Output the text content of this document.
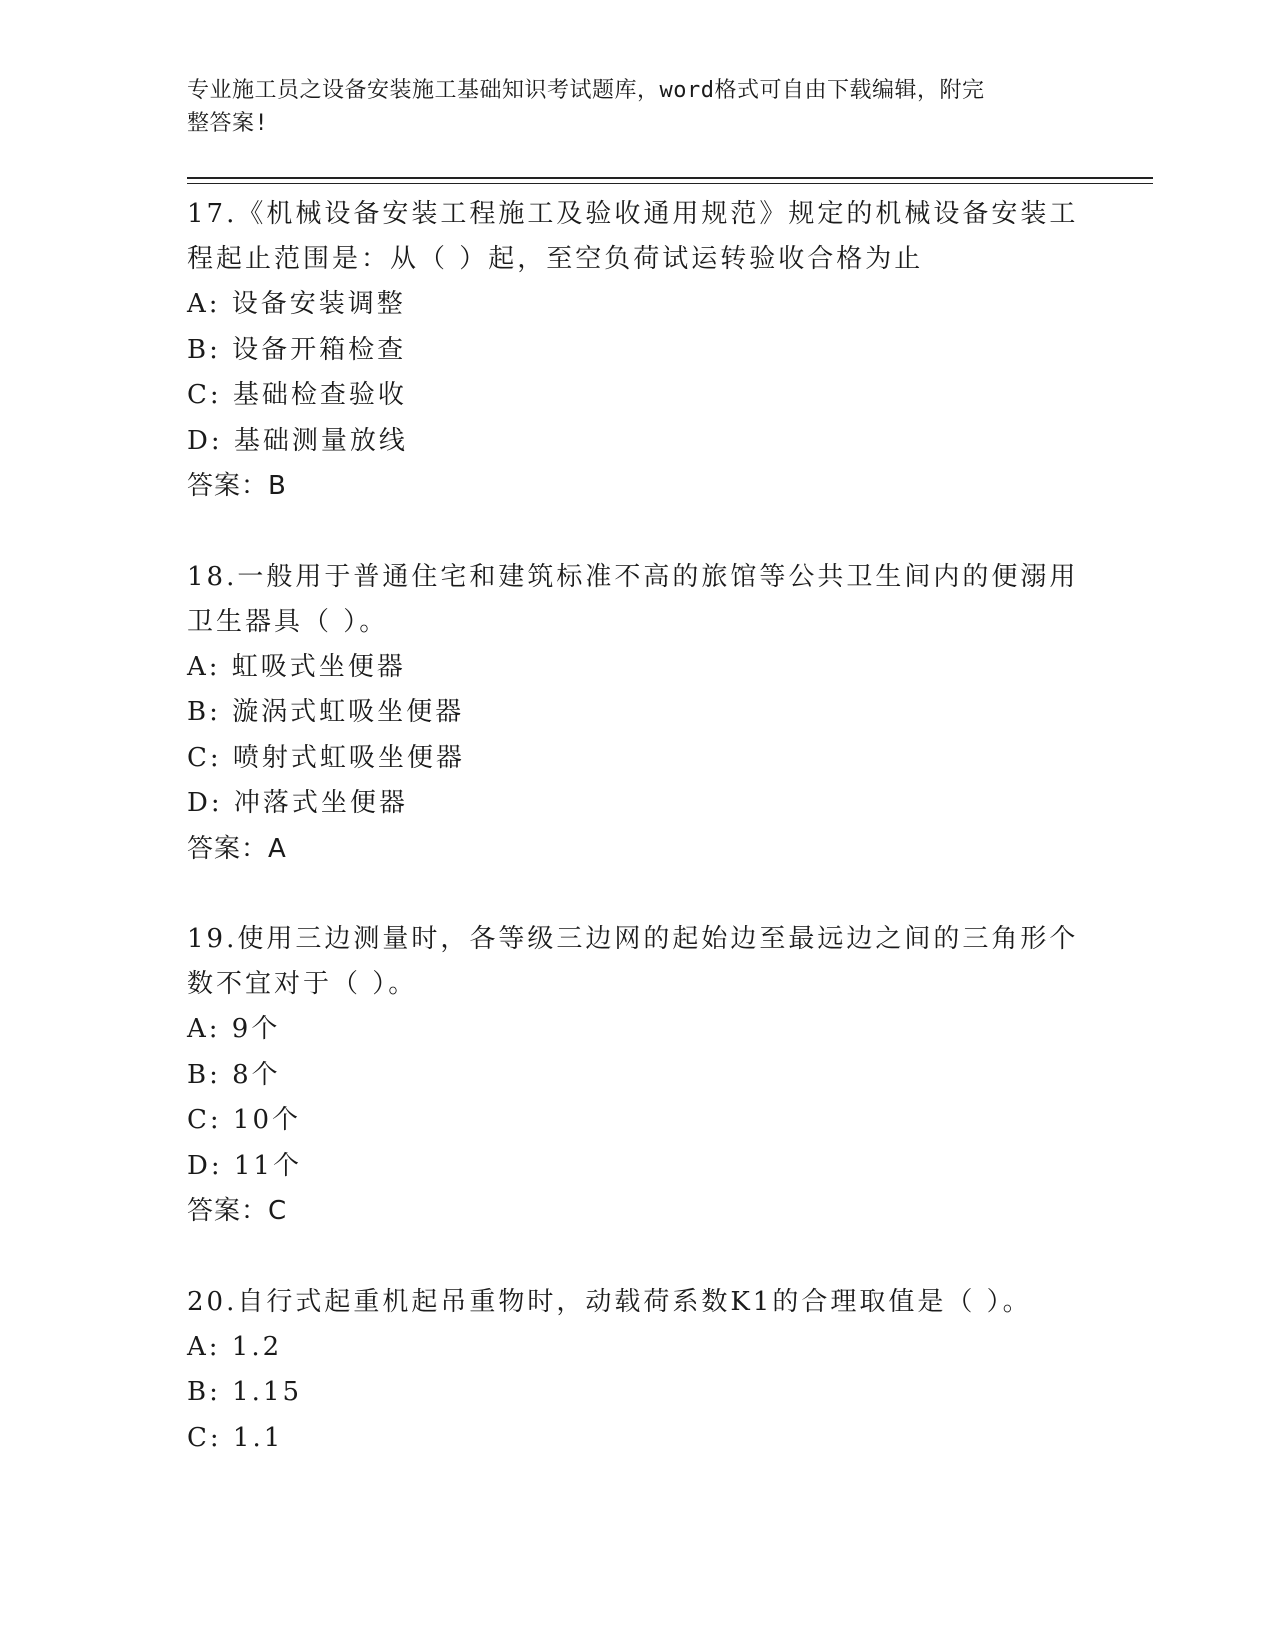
专业施工员之设备安装施工基础知识考试题库，word格式可自由下载编辑，附完
整答案!

17.《机械设备安装工程施工及验收通用规范》规定的机械设备安装工程起止范围是：从（ ）起，至空负荷试运转验收合格为止

A: 设备安装调整

B: 设备开箱检查

C: 基础检查验收

D: 基础测量放线

答案：B

18.一般用于普通住宅和建筑标准不高的旅馆等公共卫生间内的便溺用卫生器具（ ）。

A: 虹吸式坐便器

B: 漩涡式虹吸坐便器

C: 喷射式虹吸坐便器

D: 冲落式坐便器

答案：A

19.使用三边测量时，各等级三边网的起始边至最远边之间的三角形个数不宜对于（ ）。

A: 9个

B: 8个

C: 10个

D: 11个

答案：C

20.自行式起重机起吊重物时，动载荷系数K1的合理取值是（ ）。

A: 1.2

B: 1.15

C: 1.1
